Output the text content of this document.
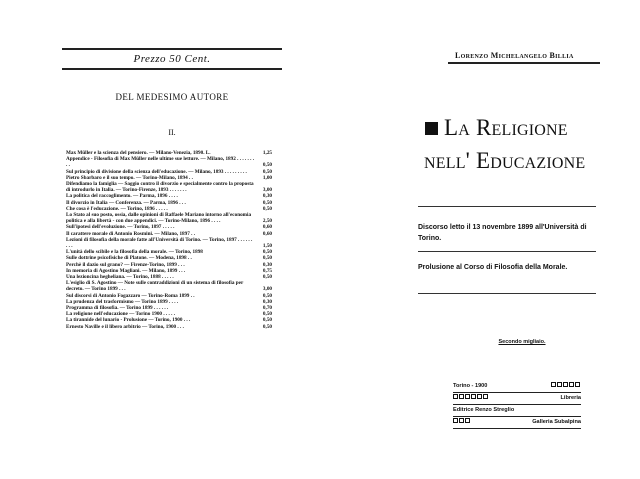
Prezzo 50 Cent.
DEL MEDESIMO AUTORE
II.
Max Müller e la scienza del pensiero. — Milano-Venezia, 1890. L.	1,25
Appendice - Filosofia di Max Müller nelle ultime sue letture. — Milano, 1892 . . . . . . . . .	0,50
Sul principio di divisione della scienza dell'educazione. — Milano, 1893 . . . . . . . . .	0,50
Pietro Sbarbaro e il suo tempo. — Torino-Milano, 1894 . .	1,00
Difendiamo la famiglia — Saggio contro il divorzio e specialmente contro la proposta di introdurlo in Italia. — Torino-Firenze, 1893 . . . . . . .	3,00
La politica del raccoglimento. — Parma, 1896 . . . .	0,30
Il divorzio in Italia — Conferenza. — Parma, 1896 . . .	0,50
Che cosa è l'educazione. — Torino, 1896 . . . . .	0,50
Lo Stato al suo posto, ossia, dalle opinioni di Raffaele Mariano intorno all'economia politica e alla libertà - con due appendici. — Torino-Milano, 1896 . . . .	2,50
Sull'ipotesi dell'evoluzione. — Torino, 1897 . . . . .	0,60
Il carattere morale di Antonio Rosmini. — Milano, 1897 . .	0,60
Lezioni di filosofia della morale fatte all'Università di Torino. — Torino, 1897 . . . . . . . . .	1,50
L'unità dello scibile e la filosofia della morale. — Torino, 1898	0,50
Sulle dottrine psicofisiche di Platone. — Modena, 1898 . .	0,50
Perchè il dazio sul grano? — Firenze-Torino, 1899 . . .	0,30
In memoria di Agostino Magliani. — Milano, 1899 . . .	0,75
Una lezioncina hegheliana. — Torino, 1888 . . . . .	0,50
L'esiglio di S. Agostino — Note sulle contraddizioni di un sistema di filosofia per decreto. — Torino 1899 . . .	3,00
Sul discorsi di Antonio Fogazzaro — Torino-Roma 1899 . .	0,50
La prudenza del trasformismo — Torino 1899 . . . .	0,30
Programma di filosofia. — Torino 1899 . . . . . .	0,70
La religione nell'educazione — Torino 1900 . . . . .	0,50
La tirannide del lunario - Prolusione — Torino, 1900 . . .	0,50
Ernesto Naville e il libero arbitrio — Torino, 1900 . . .	0,50
Lorenzo Michelangelo Billia
La Religione
nell' Educazione
Discorso letto il 13 novembre 1899 all'Università di Torino.
Prolusione al Corso di Filosofia della Morale.
Secondo migliaio.
Torino - 1900
Libreria
Editrice Renzo Streglio
Galleria Subalpina
